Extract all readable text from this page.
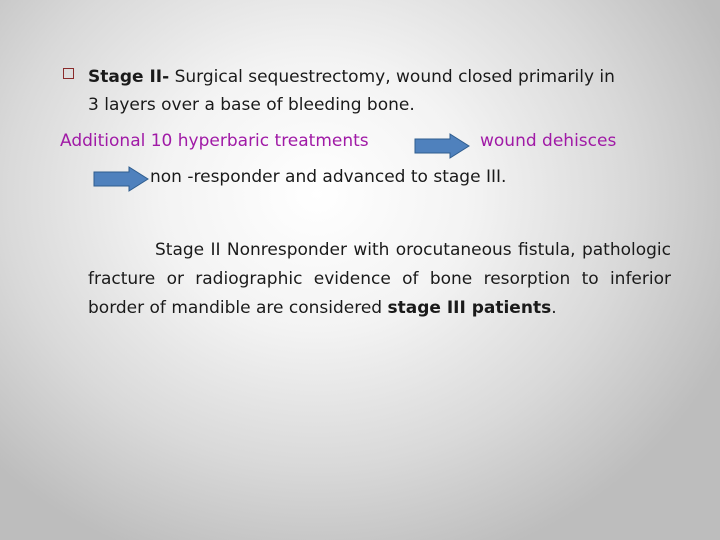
Stage II- Surgical sequestrectomy, wound closed primarily in

3 layers over a base of bleeding bone.

Additional 10 hyperbaric treatments	wound dehisces

non -responder and advanced to stage III.

Stage II Nonresponder with orocutaneous fistula, pathologic fracture or radiographic evidence of bone resorption to inferior border of mandible are considered stage III patients.
